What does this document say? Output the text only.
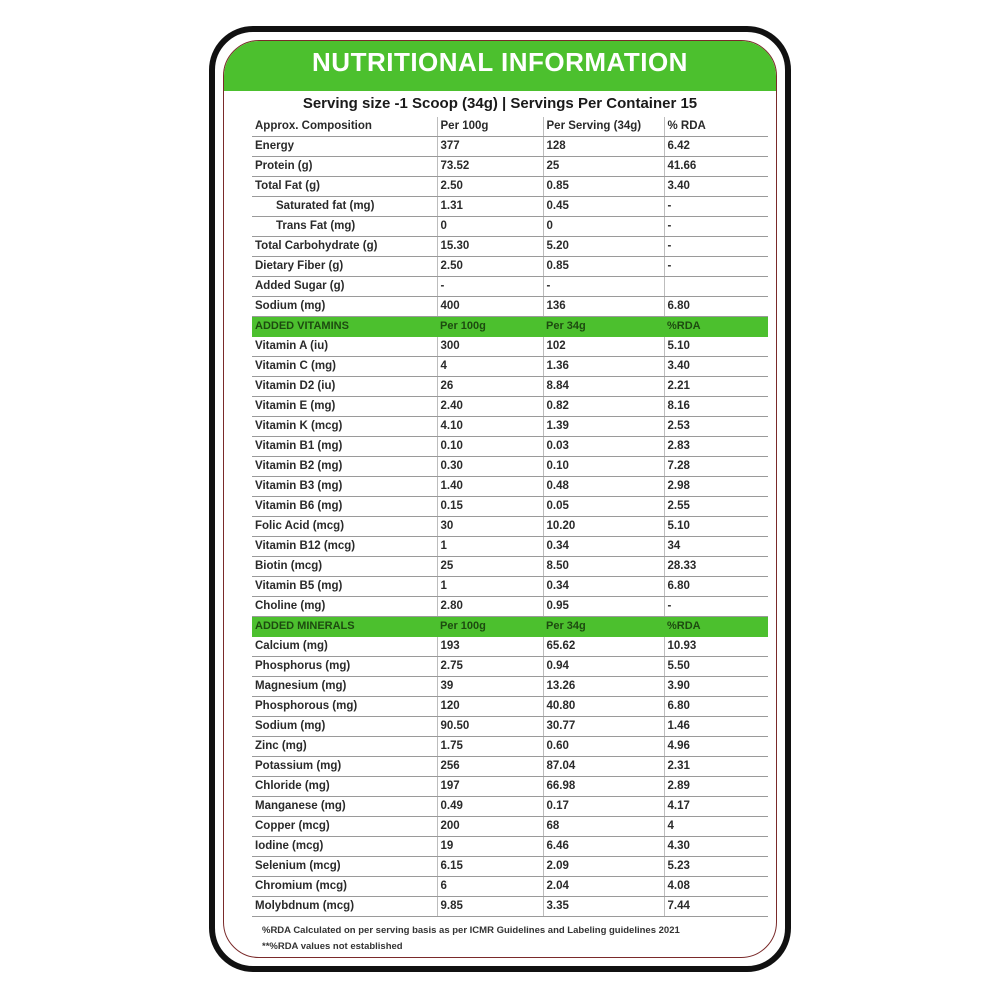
NUTRITIONAL INFORMATION
Serving size -1 Scoop (34g) | Servings Per Container 15
Approx. Composition	Per 100g	Per Serving (34g)	% RDA
Energy	377	128	6.42
Protein (g)	73.52	25	41.66
Total Fat (g)	2.50	0.85	3.40
Saturated fat (mg)	1.31	0.45	-
Trans Fat (mg)	0	0	-
Total Carbohydrate (g)	15.30	5.20	-
Dietary Fiber (g)	2.50	0.85	-
Added Sugar (g)	-	-	
Sodium (mg)	400	136	6.80
ADDED VITAMINS	Per 100g	Per 34g	%RDA
Vitamin A (iu)	300	102	5.10
Vitamin C (mg)	4	1.36	3.40
Vitamin D2 (iu)	26	8.84	2.21
Vitamin E (mg)	2.40	0.82	8.16
Vitamin K (mcg)	4.10	1.39	2.53
Vitamin B1 (mg)	0.10	0.03	2.83
Vitamin B2 (mg)	0.30	0.10	7.28
Vitamin B3 (mg)	1.40	0.48	2.98
Vitamin B6 (mg)	0.15	0.05	2.55
Folic Acid (mcg)	30	10.20	5.10
Vitamin B12 (mcg)	1	0.34	34
Biotin (mcg)	25	8.50	28.33
Vitamin B5 (mg)	1	0.34	6.80
Choline (mg)	2.80	0.95	-
ADDED MINERALS	Per 100g	Per 34g	%RDA
Calcium (mg)	193	65.62	10.93
Phosphorus (mg)	2.75	0.94	5.50
Magnesium (mg)	39	13.26	3.90
Phosphorous (mg)	120	40.80	6.80
Sodium (mg)	90.50	30.77	1.46
Zinc (mg)	1.75	0.60	4.96
Potassium (mg)	256	87.04	2.31
Chloride (mg)	197	66.98	2.89
Manganese (mg)	0.49	0.17	4.17
Copper (mcg)	200	68	4
Iodine (mcg)	19	6.46	4.30
Selenium (mcg)	6.15	2.09	5.23
Chromium (mcg)	6	2.04	4.08
Molybdnum (mcg)	9.85	3.35	7.44
%RDA Calculated on per serving basis as per ICMR Guidelines and Labeling guidelines 2021
**%RDA values not established
